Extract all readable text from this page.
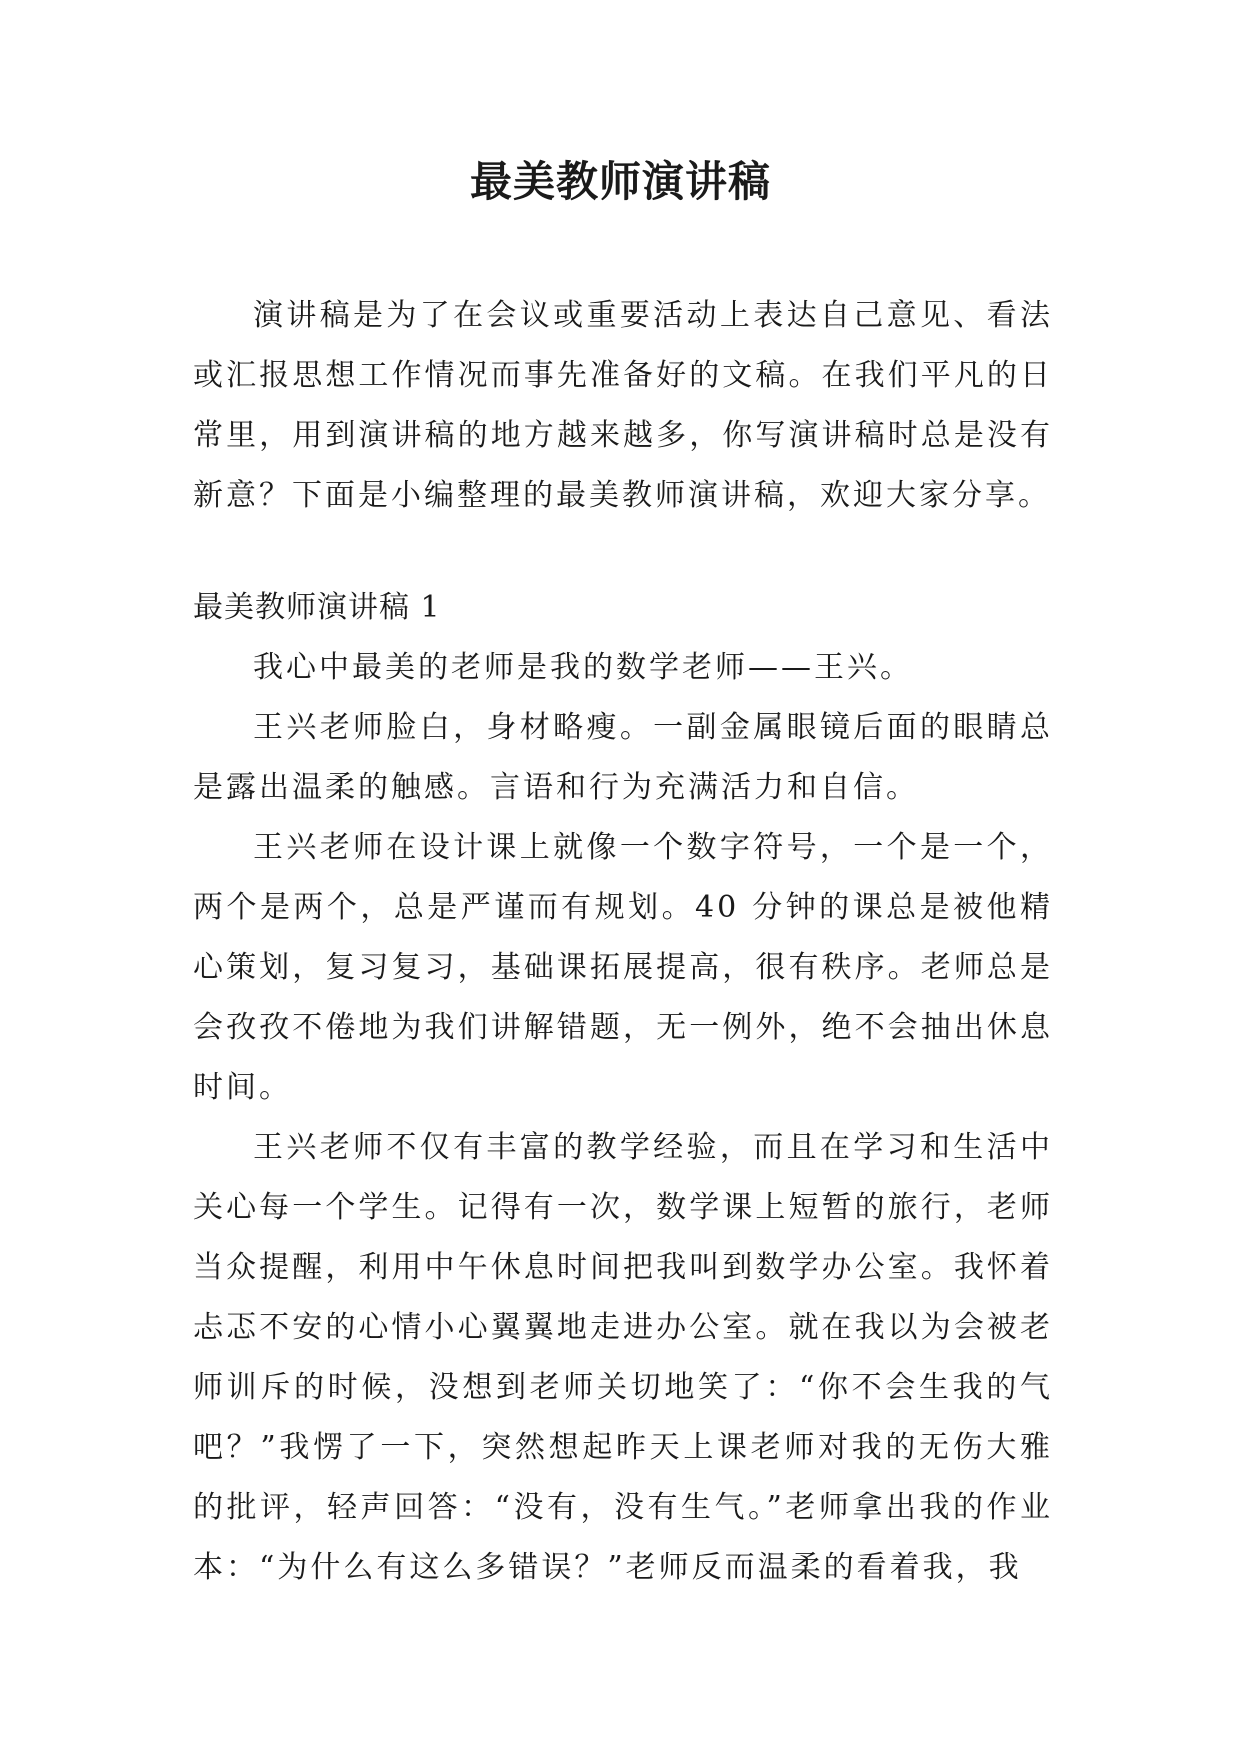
最美教师演讲稿

演讲稿是为了在会议或重要活动上表达自己意见、看法或汇报思想工作情况而事先准备好的文稿。在我们平凡的日常里，用到演讲稿的地方越来越多，你写演讲稿时总是没有新意？下面是小编整理的最美教师演讲稿，欢迎大家分享。

最美教师演讲稿 1

我心中最美的老师是我的数学老师——王兴。

王兴老师脸白，身材略瘦。一副金属眼镜后面的眼睛总是露出温柔的触感。言语和行为充满活力和自信。

王兴老师在设计课上就像一个数字符号，一个是一个，两个是两个，总是严谨而有规划。40 分钟的课总是被他精心策划，复习复习，基础课拓展提高，很有秩序。老师总是会孜孜不倦地为我们讲解错题，无一例外，绝不会抽出休息时间。

王兴老师不仅有丰富的教学经验，而且在学习和生活中关心每一个学生。记得有一次，数学课上短暂的旅行，老师当众提醒，利用中午休息时间把我叫到数学办公室。我怀着忐忑不安的心情小心翼翼地走进办公室。就在我以为会被老师训斥的时候，没想到老师关切地笑了：“你不会生我的气吧？”我愣了一下，突然想起昨天上课老师对我的无伤大雅的批评，轻声回答：“没有，没有生气。”老师拿出我的作业本：“为什么有这么多错误？”老师反而温柔的看着我，我
